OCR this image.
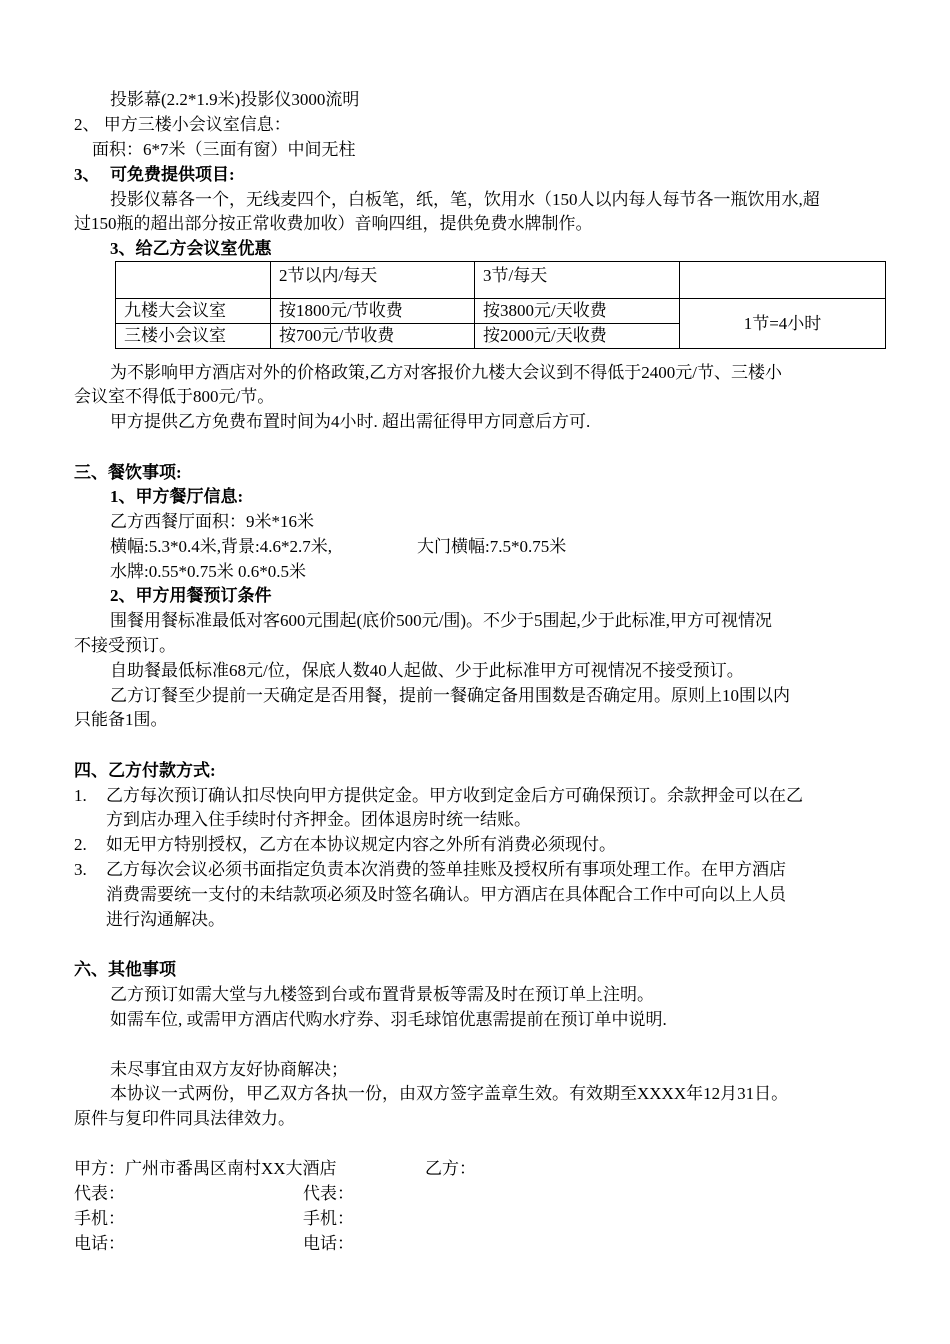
投影幕(2.2*1.9米)投影仪3000流明
2、 甲方三楼小会议室信息：
面积：6*7米（三面有窗）中间无柱
3、 可免费提供项目:
投影仪幕各一个，无线麦四个，白板笔，纸，笔，饮用水（150人以内每人每节各一瓶饮用水,超
过150瓶的超出部分按正常收费加收）音响四组，提供免费水牌制作。
3、给乙方会议室优惠
	2节以内/每天	3节/每天	
九楼大会议室	按1800元/节收费	按3800元/天收费	1节=4小时
三楼小会议室	按700元/节收费	按2000元/天收费	
为不影响甲方酒店对外的价格政策,乙方对客报价九楼大会议到不得低于2400元/节、三楼小
会议室不得低于800元/节。
甲方提供乙方免费布置时间为4小时. 超出需征得甲方同意后方可.
三、餐饮事项:
1、甲方餐厅信息:
乙方西餐厅面积：9米*16米
横幅:5.3*0.4米,背景:4.6*2.7米,	大门横幅:7.5*0.75米
水牌:0.55*0.75米 0.6*0.5米
2、甲方用餐预订条件
围餐用餐标准最低对客600元围起(底价500元/围)。不少于5围起,少于此标准,甲方可视情况
不接受预订。
自助餐最低标准68元/位，保底人数40人起做、少于此标准甲方可视情况不接受预订。
乙方订餐至少提前一天确定是否用餐，提前一餐确定备用围数是否确定用。原则上10围以内
只能备1围。
四、乙方付款方式:
1. 乙方每次预订确认扣尽快向甲方提供定金。甲方收到定金后方可确保预订。余款押金可以在乙
方到店办理入住手续时付齐押金。团体退房时统一结账。
2. 如无甲方特别授权，乙方在本协议规定内容之外所有消费必须现付。
3. 乙方每次会议必须书面指定负责本次消费的签单挂账及授权所有事项处理工作。在甲方酒店
消费需要统一支付的未结款项必须及时签名确认。甲方酒店在具体配合工作中可向以上人员
进行沟通解决。
六、其他事项
乙方预订如需大堂与九楼签到台或布置背景板等需及时在预订单上注明。
如需车位, 或需甲方酒店代购水疗券、羽毛球馆优惠需提前在预订单中说明.
未尽事宜由双方友好协商解决；
本协议一式两份，甲乙双方各执一份，由双方签字盖章生效。有效期至XXXX年12月31日。
原件与复印件同具法律效力。
甲方：广州市番禺区南村XX大酒店	乙方：
代表：	代表：
手机：	手机：
电话：	电话：
